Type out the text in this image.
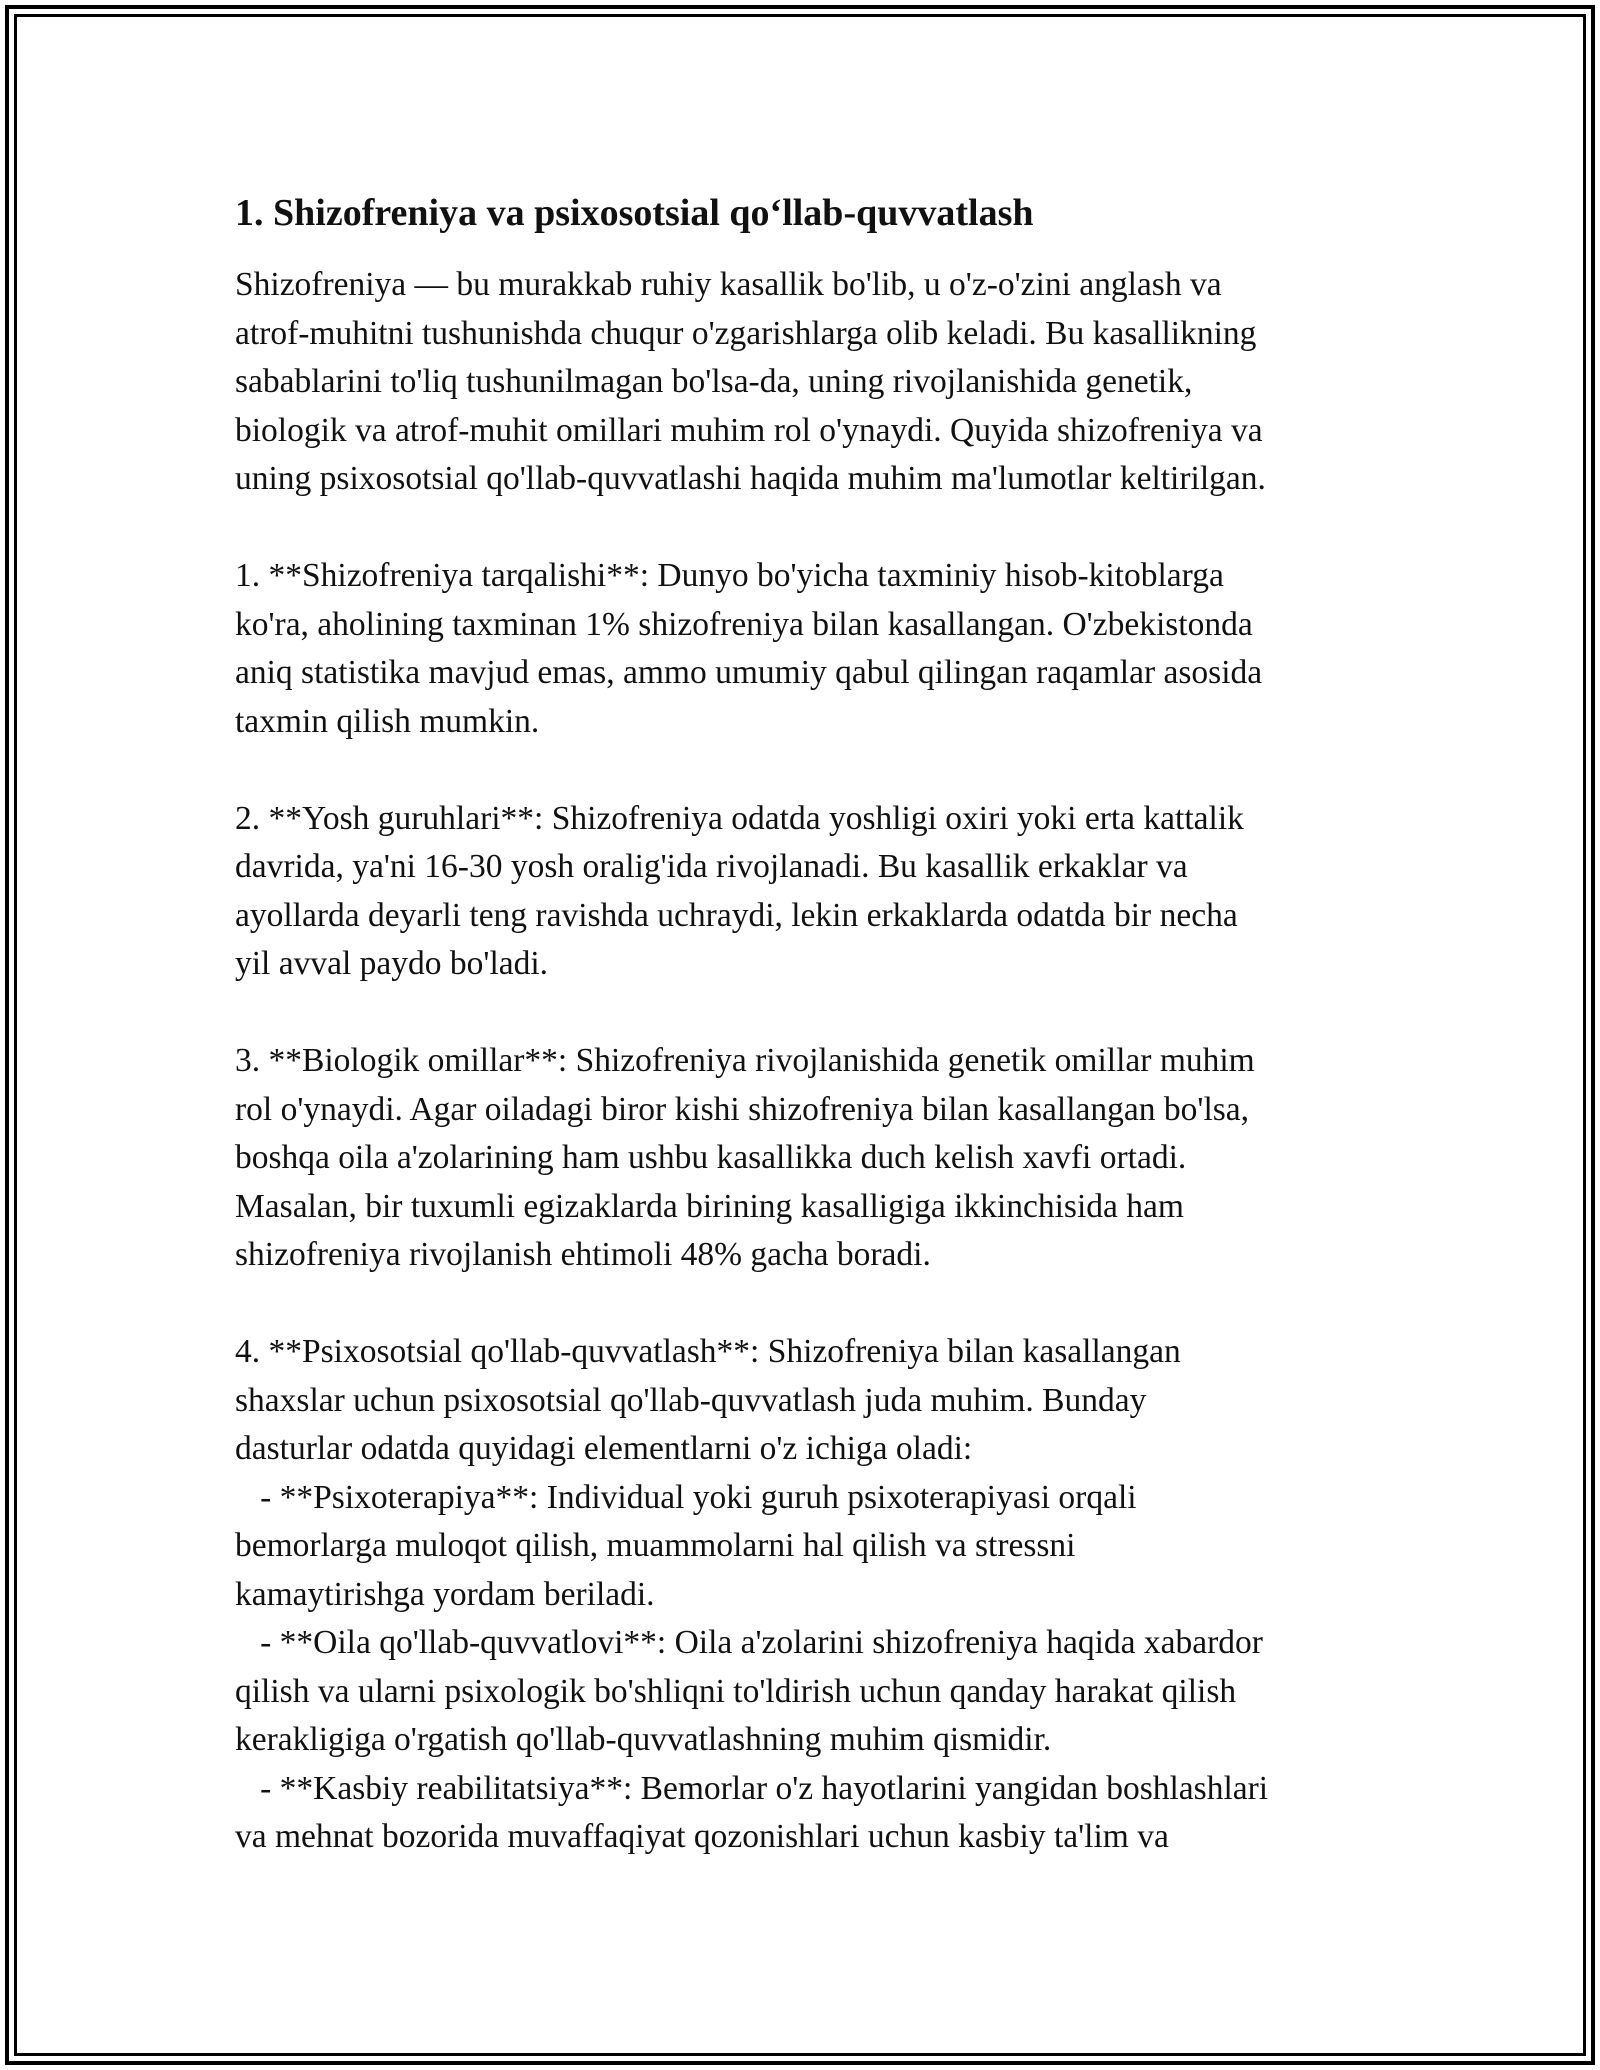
1. Shizofreniya va psixosotsial qo‘llab-quvvatlash
Shizofreniya — bu murakkab ruhiy kasallik bo'lib, u o'z-o'zini anglash va
atrof-muhitni tushunishda chuqur o'zgarishlarga olib keladi. Bu kasallikning
sabablarini to'liq tushunilmagan bo'lsa-da, uning rivojlanishida genetik,
biologik va atrof-muhit omillari muhim rol o'ynaydi. Quyida shizofreniya va
uning psixosotsial qo'llab-quvvatlashi haqida muhim ma'lumotlar keltirilgan.
1. **Shizofreniya tarqalishi**: Dunyo bo'yicha taxminiy hisob-kitoblarga
ko'ra, aholining taxminan 1% shizofreniya bilan kasallangan. O'zbekistonda
aniq statistika mavjud emas, ammo umumiy qabul qilingan raqamlar asosida
taxmin qilish mumkin.
2. **Yosh guruhlari**: Shizofreniya odatda yoshligi oxiri yoki erta kattalik
davrida, ya'ni 16-30 yosh oralig'ida rivojlanadi. Bu kasallik erkaklar va
ayollarda deyarli teng ravishda uchraydi, lekin erkaklarda odatda bir necha
yil avval paydo bo'ladi.
3. **Biologik omillar**: Shizofreniya rivojlanishida genetik omillar muhim
rol o'ynaydi. Agar oiladagi biror kishi shizofreniya bilan kasallangan bo'lsa,
boshqa oila a'zolarining ham ushbu kasallikka duch kelish xavfi ortadi.
Masalan, bir tuxumli egizaklarda birining kasalligiga ikkinchisida ham
shizofreniya rivojlanish ehtimoli 48% gacha boradi.
4. **Psixosotsial qo'llab-quvvatlash**: Shizofreniya bilan kasallangan
shaxslar uchun psixosotsial qo'llab-quvvatlash juda muhim. Bunday
dasturlar odatda quyidagi elementlarni o'z ichiga oladi:
- **Psixoterapiya**: Individual yoki guruh psixoterapiyasi orqali
bemorlarga muloqot qilish, muammolarni hal qilish va stressni
kamaytirishga yordam beriladi.
- **Oila qo'llab-quvvatlovi**: Oila a'zolarini shizofreniya haqida xabardor
qilish va ularni psixologik bo'shliqni to'ldirish uchun qanday harakat qilish
kerakligiga o'rgatish qo'llab-quvvatlashning muhim qismidir.
- **Kasbiy reabilitatsiya**: Bemorlar o'z hayotlarini yangidan boshlashlari
va mehnat bozorida muvaffaqiyat qozonishlari uchun kasbiy ta'lim va
